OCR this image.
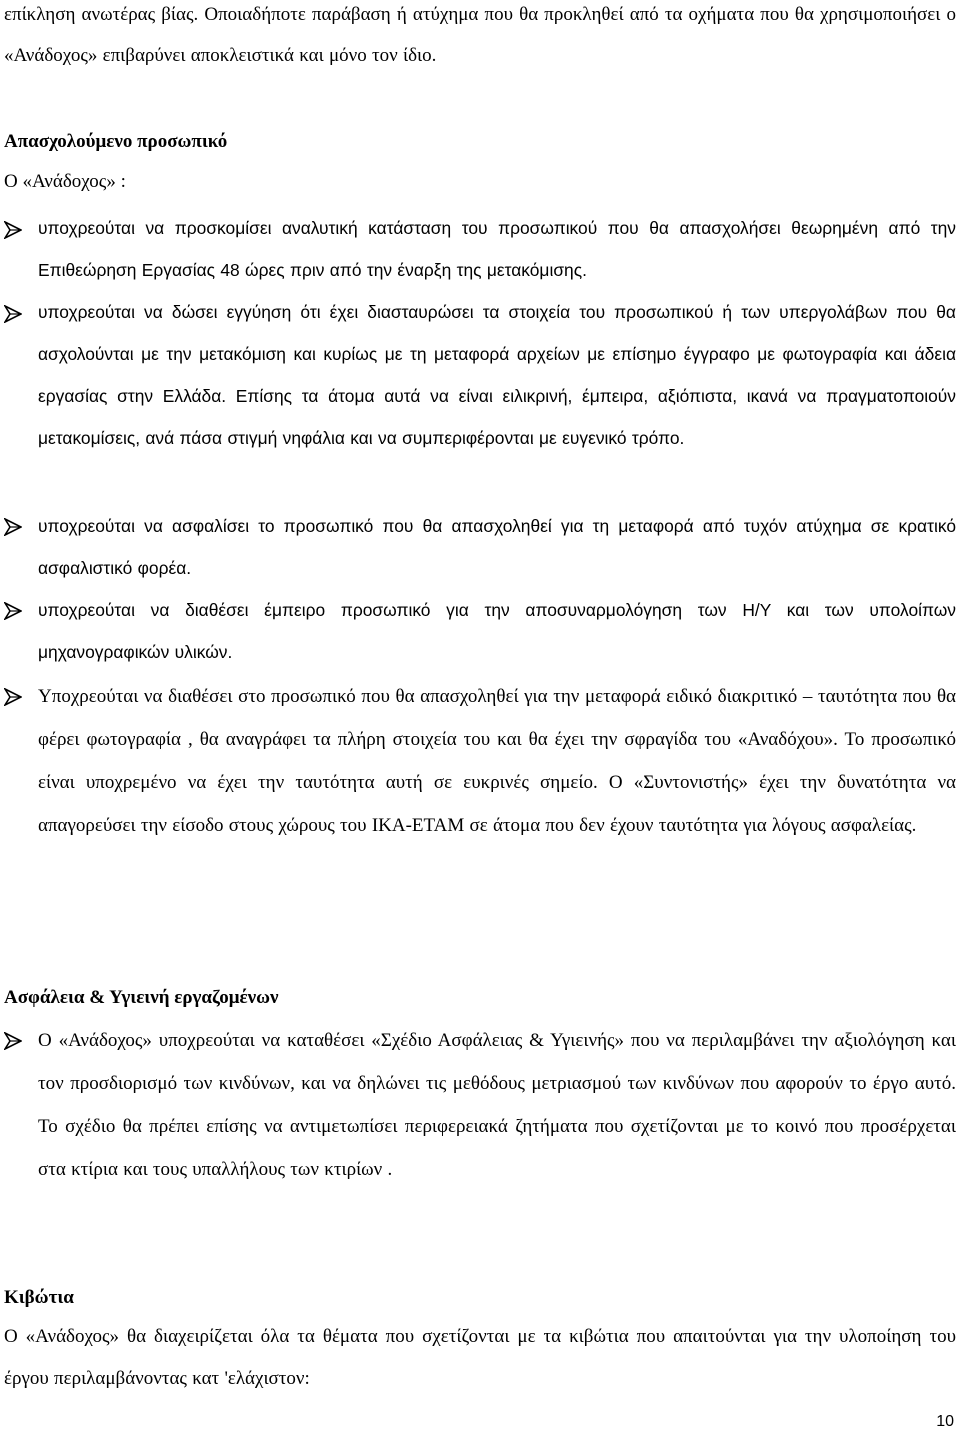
επίκληση ανωτέρας βίας. Οποιαδήποτε παράβαση ή ατύχημα που θα προκληθεί από τα οχήματα που θα χρησιμοποιήσει ο «Ανάδοχος» επιβαρύνει αποκλειστικά και μόνο τον ίδιο.

Απασχολούμενο προσωπικό

Ο «Ανάδοχος» :

υποχρεούται να προσκομίσει αναλυτική κατάσταση του προσωπικού που θα απασχολήσει θεωρημένη από την Επιθεώρηση Εργασίας 48 ώρες πριν από την έναρξη της μετακόμισης.

υποχρεούται να δώσει εγγύηση ότι έχει διασταυρώσει τα στοιχεία του προσωπικού ή των υπεργολάβων που θα ασχολούνται με την μετακόμιση και κυρίως με τη μεταφορά αρχείων με επίσημο έγγραφο με φωτογραφία και άδεια εργασίας στην Ελλάδα. Επίσης τα άτομα αυτά να είναι ειλικρινή, έμπειρα, αξιόπιστα, ικανά να πραγματοποιούν μετακομίσεις, ανά πάσα στιγμή νηφάλια και να συμπεριφέρονται με ευγενικό τρόπο.

υποχρεούται να ασφαλίσει το προσωπικό που θα απασχοληθεί για τη μεταφορά από τυχόν ατύχημα σε κρατικό ασφαλιστικό φορέα.

υποχρεούται να διαθέσει έμπειρο προσωπικό για την αποσυναρμολόγηση των Η/Υ και των υπολοίπων μηχανογραφικών υλικών.

Υποχρεούται να διαθέσει στο προσωπικό που θα απασχοληθεί για την μεταφορά ειδικό διακριτικό – ταυτότητα που θα φέρει φωτογραφία , θα αναγράφει τα πλήρη στοιχεία του και θα έχει την σφραγίδα του «Αναδόχου». Το προσωπικό είναι υποχρεμένο να έχει την ταυτότητα αυτή σε ευκρινές σημείο. Ο «Συντονιστής» έχει την δυνατότητα να απαγορεύσει την είσοδο στους χώρους του ΙΚΑ-ΕΤΑΜ σε άτομα που δεν έχουν ταυτότητα για λόγους ασφαλείας.

Ασφάλεια & Υγιεινή εργαζομένων

Ο «Ανάδοχος» υποχρεούται να καταθέσει «Σχέδιο Ασφάλειας & Υγιεινής» που να περιλαμβάνει την αξιολόγηση και τον προσδιορισμό των κινδύνων, και να δηλώνει τις μεθόδους μετριασμού των κινδύνων που αφορούν το έργο αυτό. Το σχέδιο θα πρέπει επίσης να αντιμετωπίσει περιφερειακά ζητήματα που σχετίζονται με το κοινό που προσέρχεται στα κτίρια και τους υπαλλήλους των κτιρίων .

Κιβώτια

Ο «Ανάδοχος» θα διαχειρίζεται όλα τα θέματα που σχετίζονται με τα κιβώτια που απαιτούνται για την υλοποίηση του έργου περιλαμβάνοντας κατ 'ελάχιστον:

10
